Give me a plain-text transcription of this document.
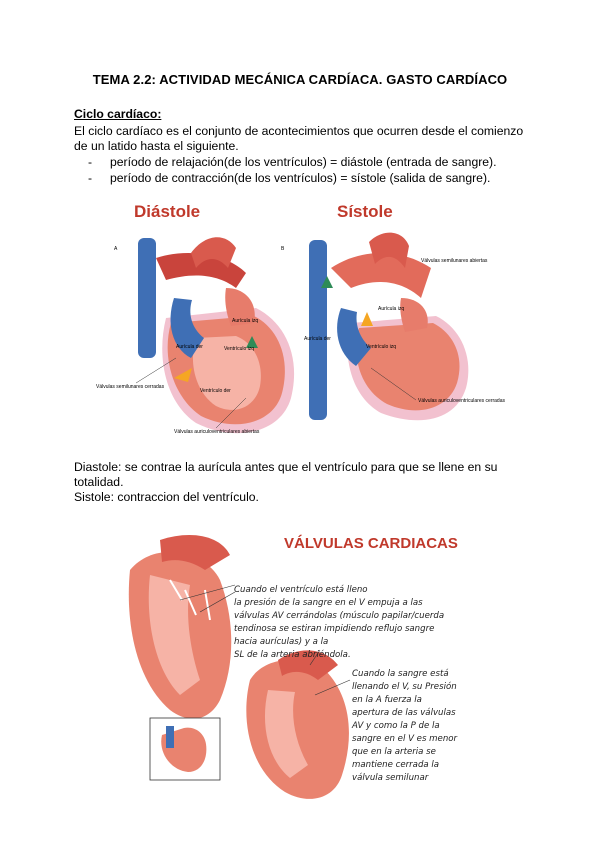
TEMA 2.2: ACTIVIDAD MECÁNICA CARDÍACA. GASTO CARDÍACO
Ciclo cardíaco:
El ciclo cardíaco es el conjunto de acontecimientos que ocurren desde el comienzo
de un latido hasta el siguiente.
- período de relajación(de los ventrículos) = diástole (entrada de sangre).
- período de contracción(de los ventrículos) = sístole (salida de sangre).
Diástole	Sístole
A
Aurícula izq
Aurícula der	Ventrículo izq
Ventrículo der
Válvulas semilunares cerradas
Válvulas auriculoventriculares abiertas
B
Válvulas semilunares abiertas
Aurícula izq
Aurícula der
Ventrículo izq
Válvulas auriculoventriculares cerradas
Diastole: se contrae la aurícula antes que el ventrículo para que se llene en su
totalidad.
Sistole: contraccion del ventrículo.
VÁLVULAS CARDIACAS
Cuando el ventrículo está lleno
la presión de la sangre en el V empuja a las
válvulas AV cerrándolas (músculo papilar/cuerda
tendinosa se estiran impidiendo reflujo sangre
hacia aurículas) y a la
SL de la arteria abriéndola.
Cuando la sangre está
llenando el V, su Presión
en la A fuerza la
apertura de las válvulas
AV y como la P de la
sangre en el V es menor
que en la arteria se
mantiene cerrada la
válvula semilunar
